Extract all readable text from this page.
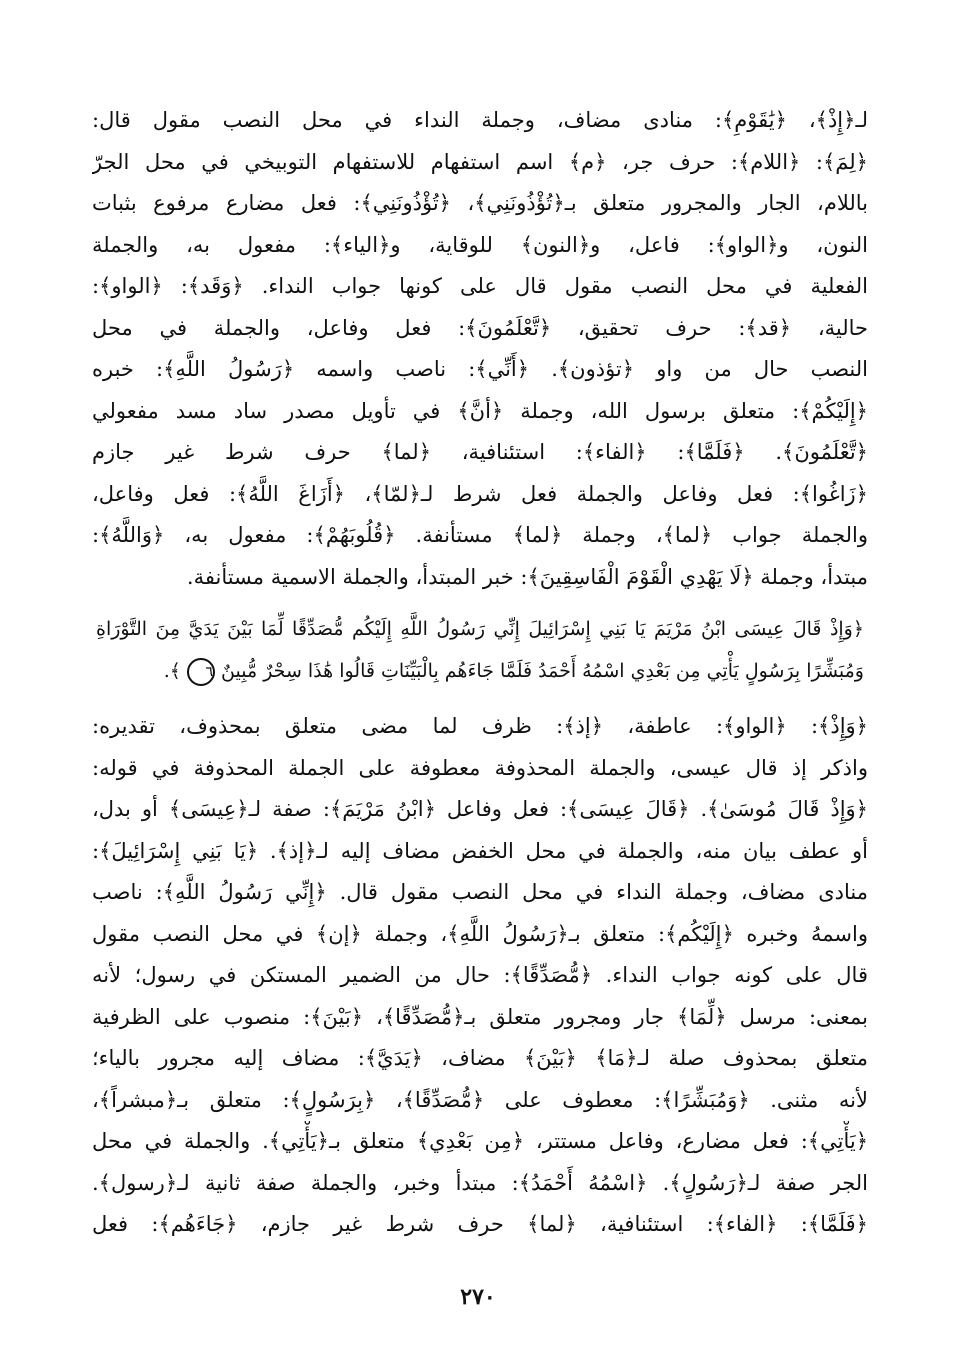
لـ﴿إِذْ﴾، ﴿يَٰقَوْمِ﴾: منادى مضاف، وجملة النداء في محل النصب مقول قال:
﴿لِمَ﴾: ﴿اللام﴾: حرف جر، ﴿م﴾ اسم استفهام للاستفهام التوبيخي في محل الجرّ
باللام، الجار والمجرور متعلق بـ﴿تُؤْذُونَنِي﴾، ﴿تُؤْذُونَنِي﴾: فعل مضارع مرفوع بثبات
النون، و﴿الواو﴾: فاعل، و﴿النون﴾ للوقاية، و﴿الياء﴾: مفعول به، والجملة
الفعلية في محل النصب مقول قال على كونها جواب النداء. ﴿وَقَد﴾: ﴿الواو﴾:
حالية، ﴿قد﴾: حرف تحقيق، ﴿تَّعْلَمُونَ﴾: فعل وفاعل، والجملة في محل
النصب حال من واو ﴿تؤذون﴾. ﴿أَنِّي﴾: ناصب واسمه ﴿رَسُولُ اللَّهِ﴾: خبره
﴿إِلَيْكُمْ﴾: متعلق برسول الله، وجملة ﴿أنَّ﴾ في تأويل مصدر ساد مسد مفعولي
﴿تَّعْلَمُونَ﴾. ﴿فَلَمَّا﴾: ﴿الفاء﴾: استئنافية، ﴿لما﴾ حرف شرط غير جازم
﴿زَاغُوا﴾: فعل وفاعل والجملة فعل شرط لـ﴿لمّا﴾، ﴿أَزَاغَ اللَّهُ﴾: فعل وفاعل،
والجملة جواب ﴿لما﴾، وجملة ﴿لما﴾ مستأنفة. ﴿قُلُوبَهُمْ﴾: مفعول به، ﴿وَاللَّهُ﴾:
مبتدأ، وجملة ﴿لَا يَهْدِي الْقَوْمَ الْفَاسِقِينَ﴾: خبر المبتدأ، والجملة الاسمية مستأنفة.

﴿وَإِذْ قَالَ عِيسَى ابْنُ مَرْيَمَ يَا بَنِي إِسْرَائِيلَ إِنِّي رَسُولُ اللَّهِ إِلَيْكُم مُّصَدِّقًا لِّمَا بَيْنَ يَدَيَّ مِنَ التَّوْرَاةِ
وَمُبَشِّرًا بِرَسُولٍ يَأْتِي مِن بَعْدِي اسْمُهُ أَحْمَدُ فَلَمَّا جَاءَهُم بِالْبَيِّنَاتِ قَالُوا هَٰذَا سِحْرٌ مُّبِينٌ ٦ ﴾.

﴿وَإِذْ﴾: ﴿الواو﴾: عاطفة، ﴿إذ﴾: ظرف لما مضى متعلق بمحذوف، تقديره:
واذكر إذ قال عيسى، والجملة المحذوفة معطوفة على الجملة المحذوفة في قوله:
﴿وَإِذْ قَالَ مُوسَىٰ﴾. ﴿قَالَ عِيسَى﴾: فعل وفاعل ﴿ابْنُ مَرْيَمَ﴾: صفة لـ﴿عِيسَى﴾ أو بدل،
أو عطف بيان منه، والجملة في محل الخفض مضاف إليه لـ﴿إذ﴾. ﴿يَا بَنِي إِسْرَائِيلَ﴾:
منادى مضاف، وجملة النداء في محل النصب مقول قال. ﴿إِنِّي رَسُولُ اللَّهِ﴾: ناصب
واسمهُ وخبره ﴿إِلَيْكُم﴾: متعلق بـ﴿رَسُولُ اللَّهِ﴾، وجملة ﴿إن﴾ في محل النصب مقول
قال على كونه جواب النداء. ﴿مُّصَدِّقًا﴾: حال من الضمير المستكن في رسول؛ لأنه
بمعنى: مرسل ﴿لِّمَا﴾ جار ومجرور متعلق بـ﴿مُّصَدِّقًا﴾، ﴿بَيْنَ﴾: منصوب على الظرفية
متعلق بمحذوف صلة لـ﴿مَا﴾ ﴿بَيْنَ﴾ مضاف، ﴿يَدَيَّ﴾: مضاف إليه مجرور بالياء؛
لأنه مثنى. ﴿وَمُبَشِّرًا﴾: معطوف على ﴿مُّصَدِّقًا﴾، ﴿بِرَسُولٍ﴾: متعلق بـ﴿مبشراً﴾،
﴿يَأْتِي﴾: فعل مضارع، وفاعل مستتر، ﴿مِن بَعْدِي﴾ متعلق بـ﴿يَأْتِي﴾. والجملة في محل
الجر صفة لـ﴿رَسُولٍ﴾. ﴿اسْمُهُ أَحْمَدُ﴾: مبتدأ وخبر، والجملة صفة ثانية لـ﴿رسول﴾.
﴿فَلَمَّا﴾: ﴿الفاء﴾: استئنافية، ﴿لما﴾ حرف شرط غير جازم، ﴿جَاءَهُم﴾: فعل

٢٧٠
